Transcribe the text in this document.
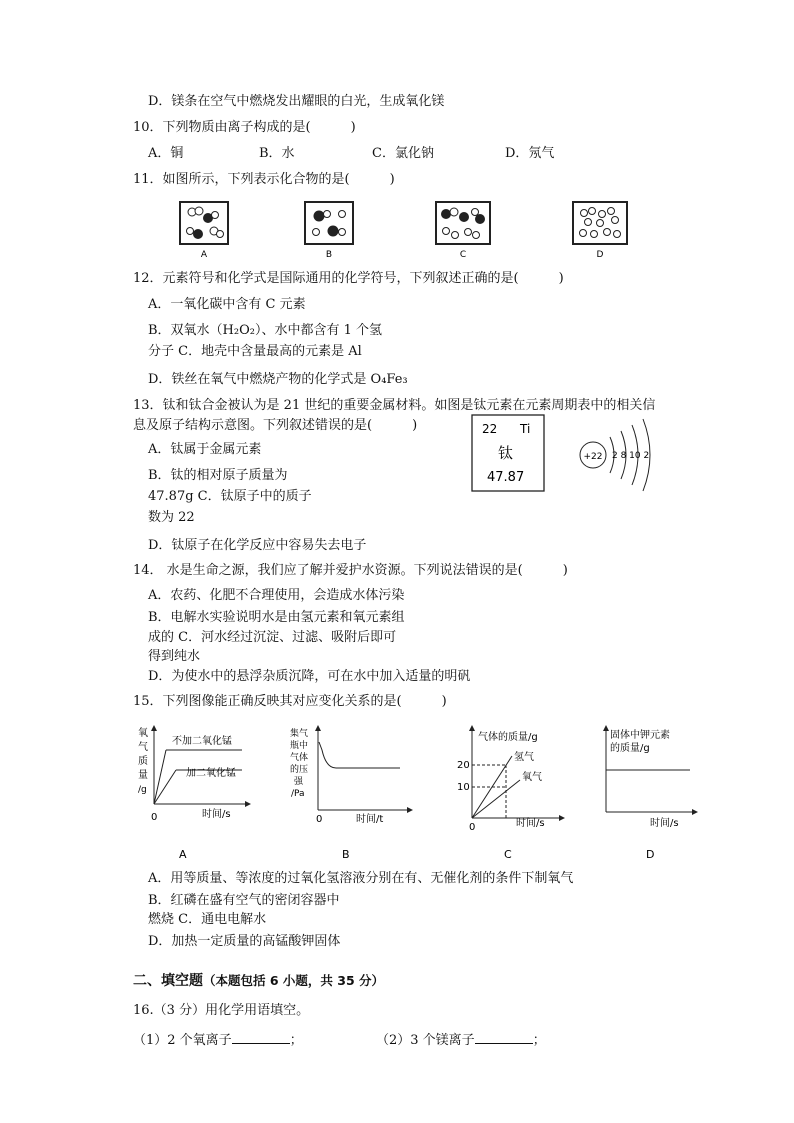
D．镁条在空气中燃烧发出耀眼的白光，生成氧化镁
10．下列物质由离子构成的是(	)
A．铜	B．水	C．氯化钠	D．氖气
11．如图所示，下列表示化合物的是(	)
A	B	C	D
12．元素符号和化学式是国际通用的化学符号，下列叙述正确的是(	)
A．一氧化碳中含有 C 元素
B．双氧水（H₂O₂）、水中都含有 1 个氢
分子 C．地壳中含量最高的元素是 Al
D．铁丝在氧气中燃烧产物的化学式是 O₄Fe₃
13．钛和钛合金被认为是 21 世纪的重要金属材料。如图是钛元素在元素周期表中的相关信
息及原子结构示意图。下列叙述错误的是(	)
A．钛属于金属元素
B．钛的相对原子质量为
47.87g C．钛原子中的质子
数为 22
D．钛原子在化学反应中容易失去电子
22 Ti
钛
47.87
+22 2 8 10 2
14． 水是生命之源，我们应了解并爱护水资源。下列说法错误的是(	)
A．农药、化肥不合理使用，会造成水体污染
B．电解水实验说明水是由氢元素和氧元素组
成的 C．河水经过沉淀、过滤、吸附后即可
得到纯水
D．为使水中的悬浮杂质沉降，可在水中加入适量的明矾
15．下列图像能正确反映其对应变化关系的是(	)
氧
气
质
量
/g
0	时间/s
不加二氧化锰
加二氧化锰
集气
瓶中
气体
的压
强
/Pa
0	时间/t
气体的质量/g
20
10
氢气
氧气
0	时间/s
固体中钾元素
的质量/g
时间/s
A	B	C	D
A．用等质量、等浓度的过氧化氢溶液分别在有、无催化剂的条件下制氧气
B．红磷在盛有空气的密闭容器中
燃烧 C．通电电解水
D．加热一定质量的高锰酸钾固体
二、填空题（本题包括 6 小题，共 35 分）
16.（3 分）用化学用语填空。
（1）2 个氧离子	；	（2）3 个镁离子	；
